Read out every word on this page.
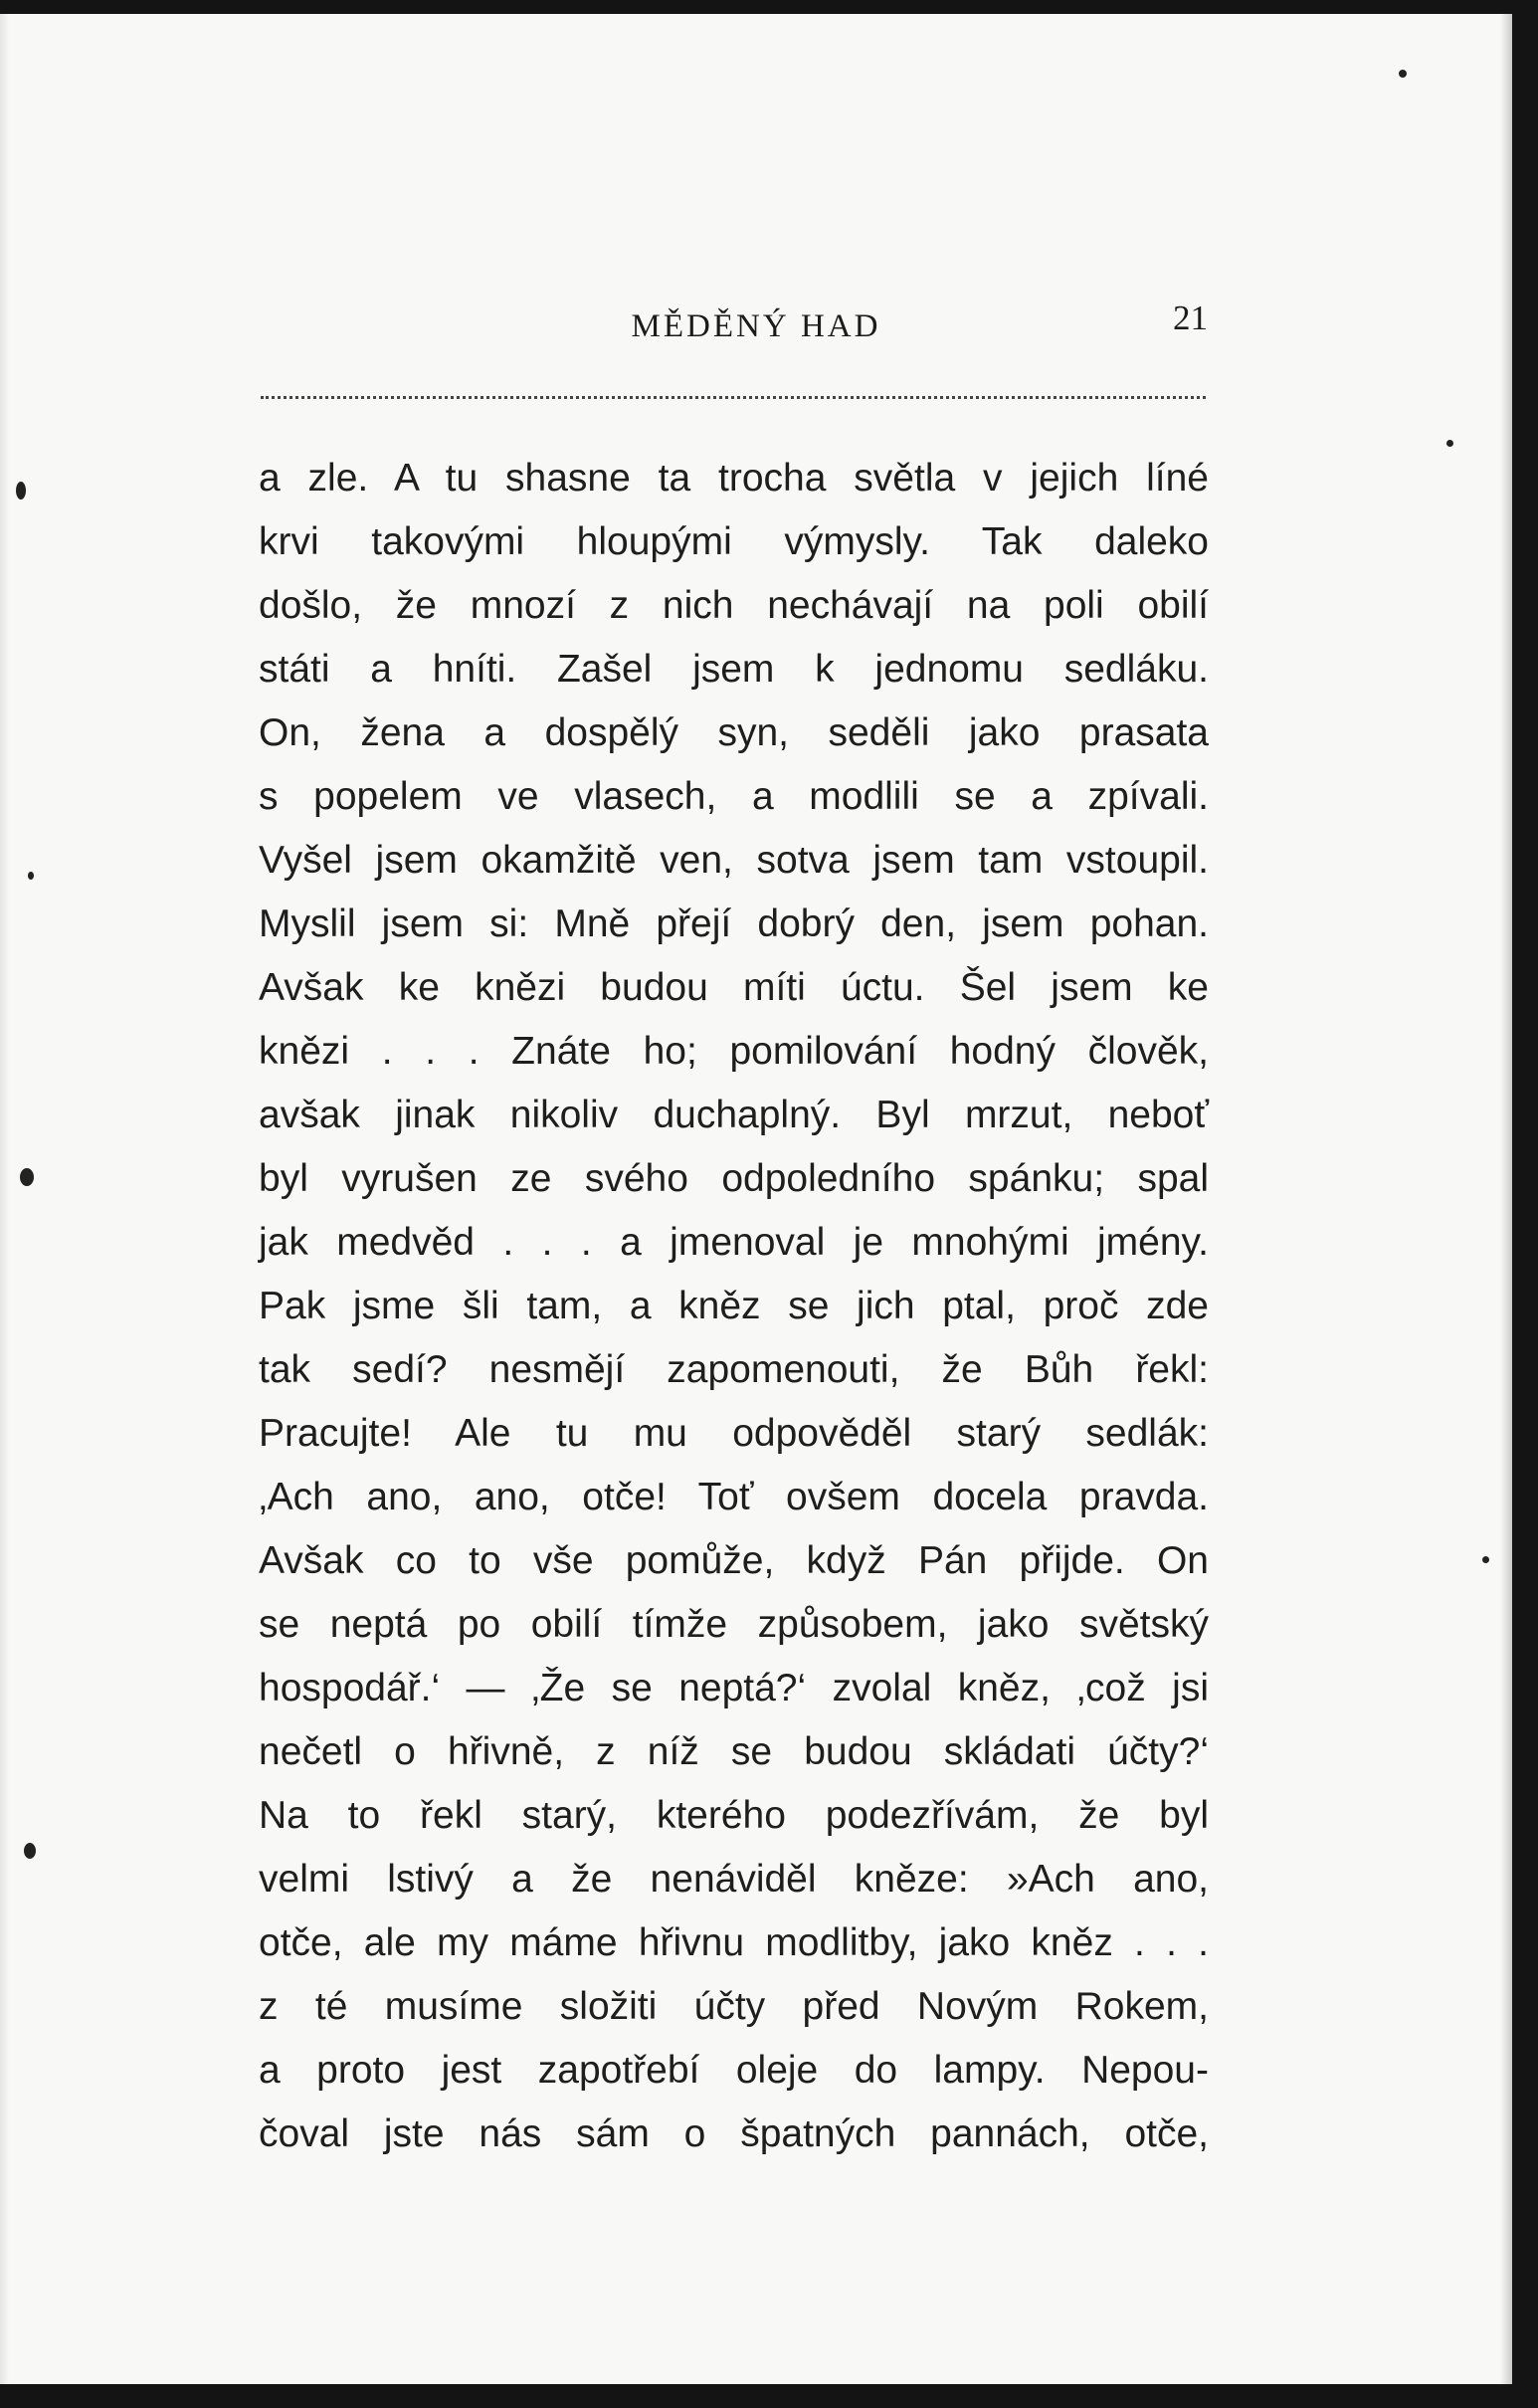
MĚDĚNÝ HAD	21
a zle. A tu shasne ta trocha světla v jejich líné
krvi takovými hloupými výmysly. Tak daleko
došlo, že mnozí z nich nechávají na poli obilí
státi a hníti. Zašel jsem k jednomu sedláku.
On, žena a dospělý syn, seděli jako prasata
s popelem ve vlasech, a modlili se a zpívali.
Vyšel jsem okamžitě ven, sotva jsem tam vstoupil.
Myslil jsem si: Mně přejí dobrý den, jsem pohan.
Avšak ke knězi budou míti úctu. Šel jsem ke
knězi . . . Znáte ho; pomilování hodný člověk,
avšak jinak nikoliv duchaplný. Byl mrzut, neboť
byl vyrušen ze svého odpoledního spánku; spal
jak medvěd . . . a jmenoval je mnohými jmény.
Pak jsme šli tam, a kněz se jich ptal, proč zde
tak sedí? nesmějí zapomenouti, že Bůh řekl:
Pracujte! Ale tu mu odpověděl starý sedlák:
‚Ach ano, ano, otče! Toť ovšem docela pravda.
Avšak co to vše pomůže, když Pán přijde. On
se neptá po obilí tímže způsobem, jako světský
hospodář.‘ — ‚Že se neptá?‘ zvolal kněz, ‚což jsi
nečetl o hřivně, z níž se budou skládati účty?‘
Na to řekl starý, kterého podezřívám, že byl
velmi lstivý a že nenáviděl kněze: »Ach ano,
otče, ale my máme hřivnu modlitby, jako kněz . . .
z té musíme složiti účty před Novým Rokem,
a proto jest zapotřebí oleje do lampy. Nepou-
čoval jste nás sám o špatných pannách, otče,
